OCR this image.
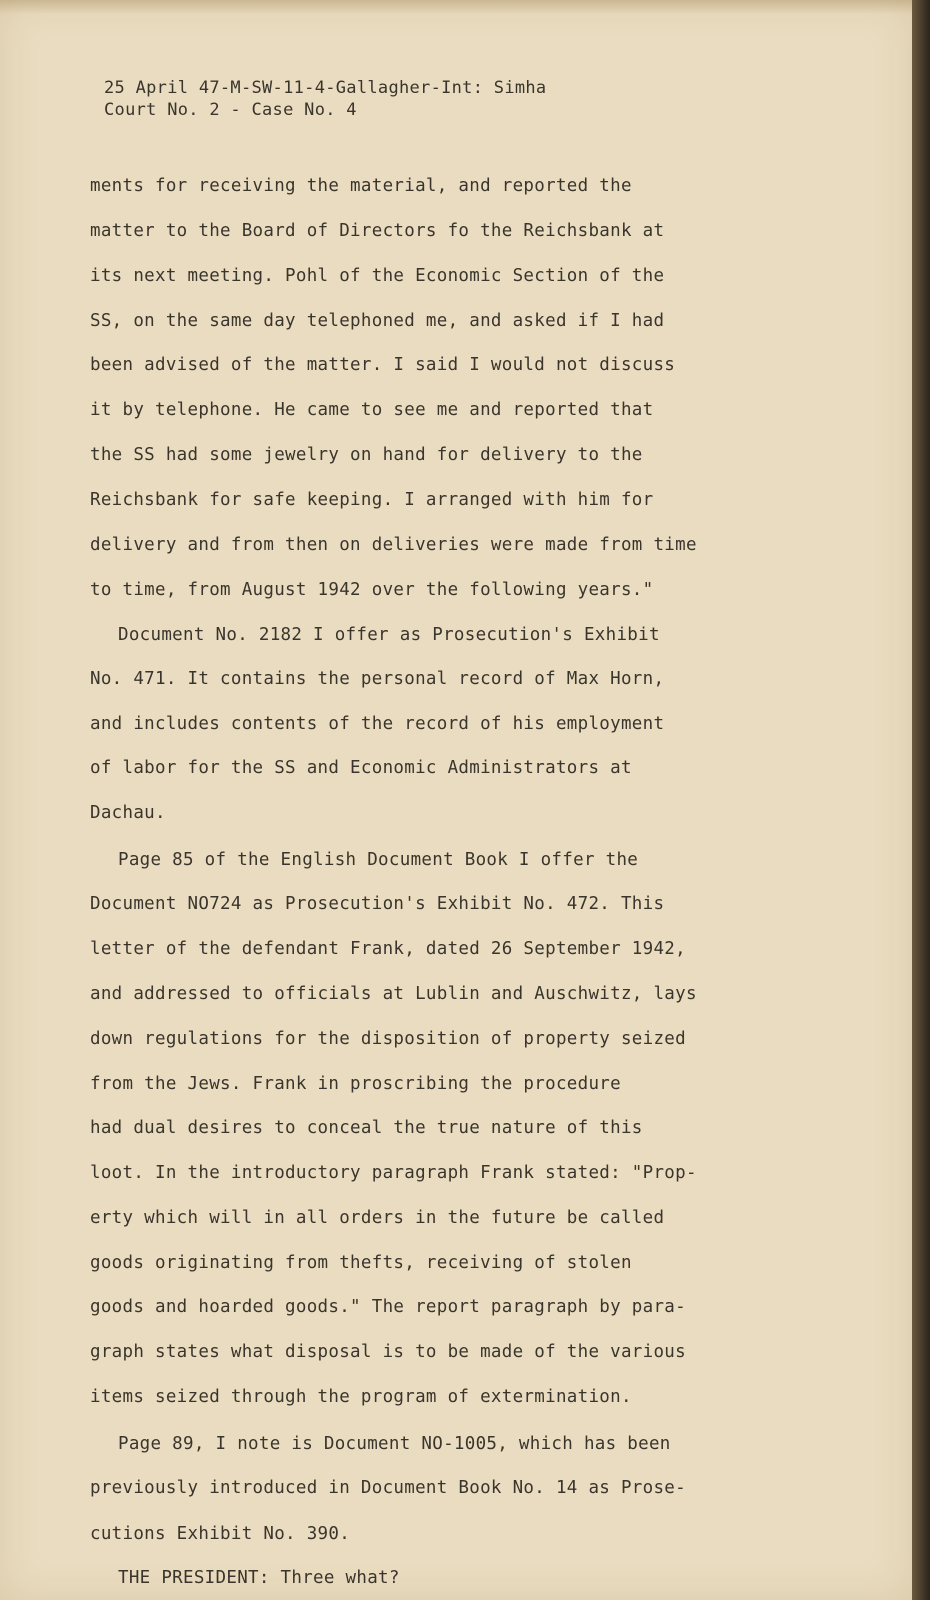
25 April 47-M-SW-11-4-Gallagher-Int: Simha

Court No. 2 - Case No. 4

ments for receiving the material, and reported the

matter to the Board of Directors fo the Reichsbank at

its next meeting. Pohl of the Economic Section of the

SS, on the same day telephoned me, and asked if I had

been advised of the matter. I said I would not discuss

it by telephone. He came to see me and reported that

the SS had some jewelry on hand for delivery to the

Reichsbank for safe keeping. I arranged with him for

delivery and from then on deliveries were made from time

to time, from August 1942 over the following years."

Document No. 2182 I offer as Prosecution's Exhibit

No. 471. It contains the personal record of Max Horn,

and includes contents of the record of his employment

of labor for the SS and Economic Administrators at

Dachau.

Page 85 of the English Document Book I offer the

Document NO724 as Prosecution's Exhibit No. 472. This

letter of the defendant Frank, dated 26 September 1942,

and addressed to officials at Lublin and Auschwitz, lays

down regulations for the disposition of property seized

from the Jews. Frank in proscribing the procedure

had dual desires to conceal the true nature of this

loot. In the introductory paragraph Frank stated: "Prop-

erty which will in all orders in the future be called

goods originating from thefts, receiving of stolen

goods and hoarded goods." The report paragraph by para-

graph states what disposal is to be made of the various

items seized through the program of extermination.

Page 89, I note is Document NO-1005, which has been

previously introduced in Document Book No. 14 as Prose-

cutions Exhibit No. 390.

THE PRESIDENT: Three what?
